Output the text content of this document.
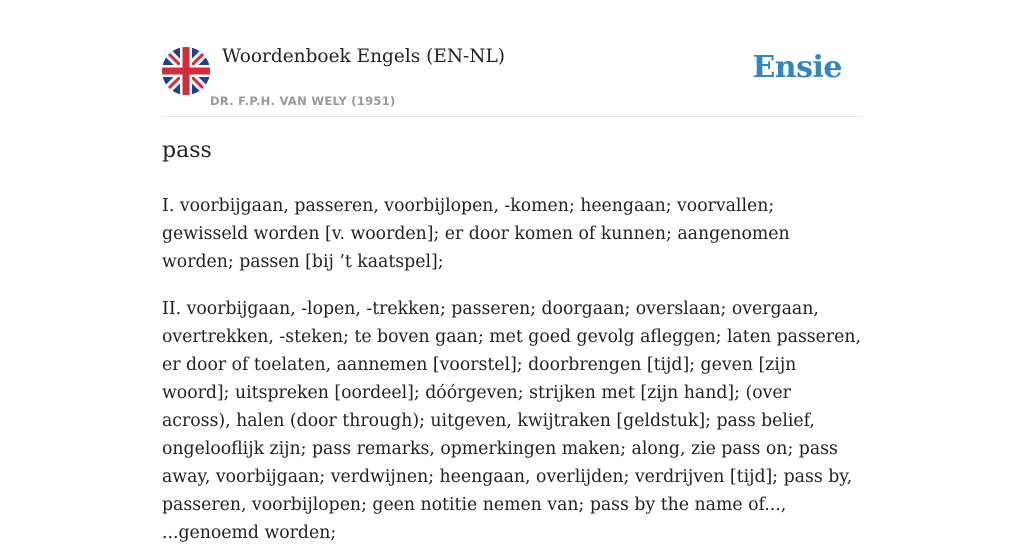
Woordenboek Engels (EN-NL)
DR. F.P.H. VAN WELY (1951)
Ensie
pass

I. voorbijgaan, passeren, voorbijlopen, -komen; heengaan; voorvallen; gewisseld worden [v. woorden]; er door komen of kunnen; aangenomen worden; passen [bij ’t kaatspel];

II. voorbijgaan, -lopen, -trekken; passeren; doorgaan; overslaan; overgaan, overtrekken, -steken; te boven gaan; met goed gevolg afleggen; laten passeren, er door of toelaten, aannemen [voorstel]; doorbrengen [tijd]; geven [zijn woord]; uitspreken [oordeel]; dóórgeven; strijken met [zijn hand]; (over across), halen (door through); uitgeven, kwijtraken [geldstuk]; pass belief, ongelooflijk zijn; pass remarks, opmerkingen maken; along, zie pass on; pass away, voorbijgaan; verdwijnen; heengaan, overlijden; verdrijven [tijd]; pass by, passeren, voorbijlopen; geen notitie nemen van; pass by the name of..., ...genoemd worden;
